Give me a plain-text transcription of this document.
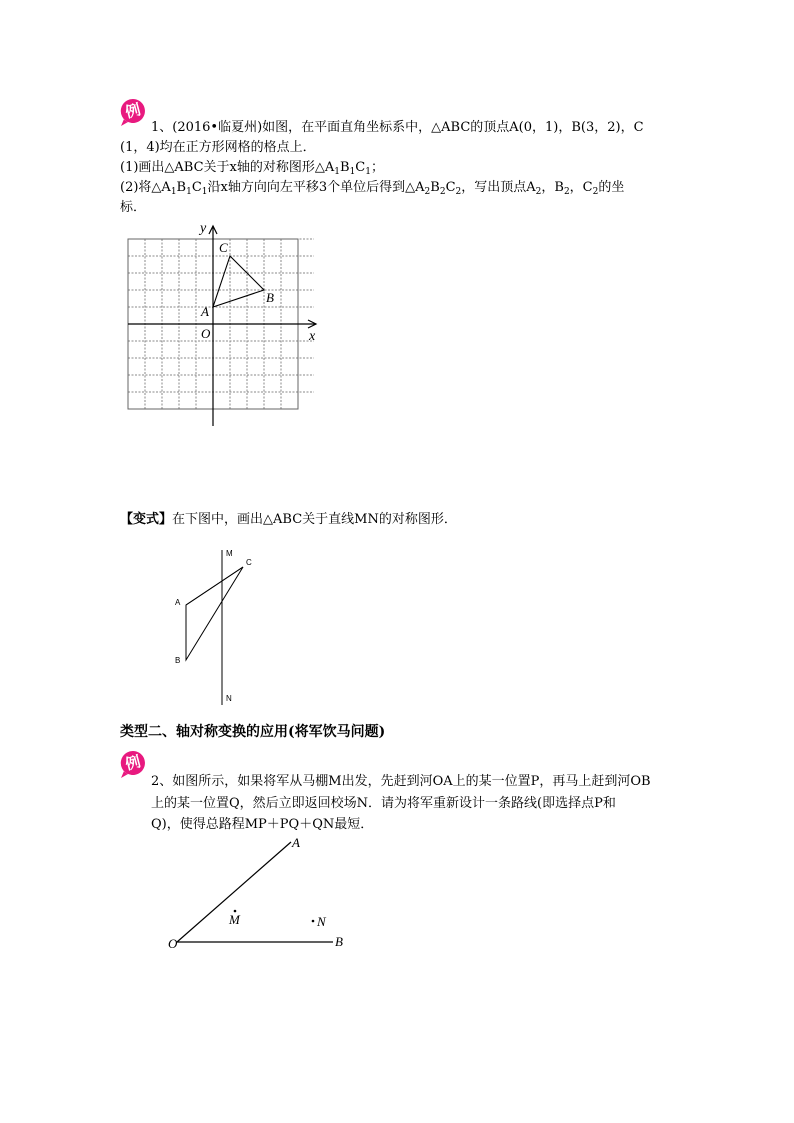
例
1、(2016•临夏州)如图，在平面直角坐标系中，△ABC的顶点A(0，1)，B(3，2)，C
(1，4)均在正方形网格的格点上．
(1)画出△ABC关于x轴的对称图形$\triangle A_1B_1C_1$；
(2)将$\triangle A_1B_1C_1$沿x轴方向向左平移3个单位后得到$\triangle A_2B_2C_2$，写出顶点$A_2$，$B_2$，$C_2$的坐
标．
y
x
O
A
B
C
【变式】在下图中，画出△ABC关于直线MN的对称图形．
M
N
A
B
C
类型二、轴对称变换的应用(将军饮马问题)
例
2、如图所示，如果将军从马棚M出发，先赶到河OA上的某一位置P，再马上赶到河OB
上的某一位置Q，然后立即返回校场N．请为将军重新设计一条路线(即选择点P和
Q)，使得总路程MP＋PQ＋QN最短．
O
A
B
M	N
